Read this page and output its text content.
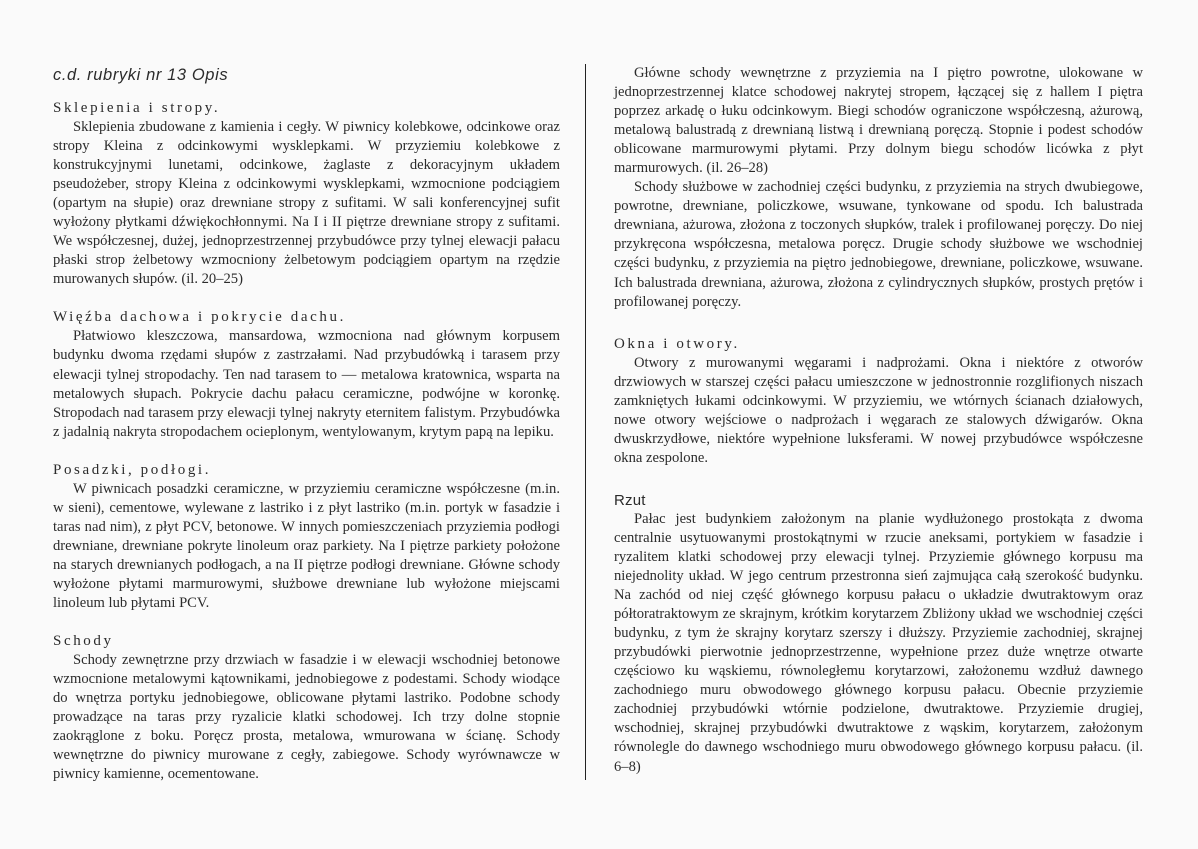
c.d. rubryki nr 13 Opis
Sklepienia i stropy.

Sklepienia zbudowane z kamienia i cegły. W piwnicy kolebkowe, odcinkowe oraz stropy Kleina z odcinkowymi wysklepkami. W przyziemiu kolebkowe z konstrukcyjnymi lunetami, odcinkowe, żaglaste z dekoracyjnym układem pseudożeber, stropy Kleina z odcinkowymi wysklepkami, wzmocnione podciągiem (opartym na słupie) oraz drewniane stropy z sufitami. W sali konferencyjnej sufit wyłożony płytkami dźwiękochłonnymi. Na I i II piętrze drewniane stropy z sufitami. We współczesnej, dużej, jednoprzestrzennej przybudówce przy tylnej elewacji pałacu płaski strop żelbetowy wzmocniony żelbetowym podciągiem opartym na rzędzie murowanych słupów. (il. 20–25)

Więźba dachowa i pokrycie dachu.

Płatwiowo kleszczowa, mansardowa, wzmocniona nad głównym korpusem budynku dwoma rzędami słupów z zastrzałami. Nad przybudówką i tarasem przy elewacji tylnej stropodachy. Ten nad tarasem to — metalowa kratownica, wsparta na metalowych słupach. Pokrycie dachu pałacu ceramiczne, podwójne w koronkę. Stropodach nad tarasem przy elewacji tylnej nakryty eternitem falistym. Przybudówka z jadalnią nakryta stropodachem ocieplonym, wentylowanym, krytym papą na lepiku.

Posadzki, podłogi.

W piwnicach posadzki ceramiczne, w przyziemiu ceramiczne współczesne (m.in. w sieni), cementowe, wylewane z lastriko i z płyt lastriko (m.in. portyk w fasadzie i taras nad nim), z płyt PCV, betonowe. W innych pomieszczeniach przyziemia podłogi drewniane, drewniane pokryte linoleum oraz parkiety. Na I piętrze parkiety położone na starych drewnianych podłogach, a na II piętrze podłogi drewniane. Główne schody wyłożone płytami marmurowymi, służbowe drewniane lub wyłożone miejscami linoleum lub płytami PCV.

Schody

Schody zewnętrzne przy drzwiach w fasadzie i w elewacji wschodniej betonowe wzmocnione metalowymi kątownikami, jednobiegowe z podestami. Schody wiodące do wnętrza portyku jednobiegowe, oblicowane płytami lastriko. Podobne schody prowadzące na taras przy ryzalicie klatki schodowej. Ich trzy dolne stopnie zaokrąglone z boku. Poręcz prosta, metalowa, wmurowana w ścianę. Schody wewnętrzne do piwnicy murowane z cegły, zabiegowe. Schody wyrównawcze w piwnicy kamienne, ocementowane.

Główne schody wewnętrzne z przyziemia na I piętro powrotne, ulokowane w jednoprzestrzennej klatce schodowej nakrytej stropem, łączącej się z hallem I piętra poprzez arkadę o łuku odcinkowym. Biegi schodów ograniczone współczesną, ażurową, metalową balustradą z drewnianą listwą i drewnianą poręczą. Stopnie i podest schodów oblicowane marmurowymi płytami. Przy dolnym biegu schodów licówka z płyt marmurowych. (il. 26–28)

Schody służbowe w zachodniej części budynku, z przyziemia na strych dwubiegowe, powrotne, drewniane, policzkowe, wsuwane, tynkowane od spodu. Ich balustrada drewniana, ażurowa, złożona z toczonych słupków, tralek i profilowanej poręczy. Do niej przykręcona współczesna, metalowa poręcz. Drugie schody służbowe we wschodniej części budynku, z przyziemia na piętro jednobiegowe, drewniane, policzkowe, wsuwane. Ich balustrada drewniana, ażurowa, złożona z cylindrycznych słupków, prostych prętów i profilowanej poręczy.

Okna i otwory.

Otwory z murowanymi węgarami i nadprożami. Okna i niektóre z otworów drzwiowych w starszej części pałacu umieszczone w jednostronnie rozglifionych niszach zamkniętych łukami odcinkowymi. W przyziemiu, we wtórnych ścianach działowych, nowe otwory wejściowe o nadprożach i węgarach ze stalowych dźwigarów. Okna dwuskrzydłowe, niektóre wypełnione luksferami. W nowej przybudówce współczesne okna zespolone.

Rzut

Pałac jest budynkiem założonym na planie wydłużonego prostokąta z dwoma centralnie usytuowanymi prostokątnymi w rzucie aneksami, portykiem w fasadzie i ryzalitem klatki schodowej przy elewacji tylnej. Przyziemie głównego korpusu ma niejednolity układ. W jego centrum przestronna sień zajmująca całą szerokość budynku. Na zachód od niej część głównego korpusu pałacu o układzie dwutraktowym oraz półtoratraktowym ze skrajnym, krótkim korytarzem Zbliżony układ we wschodniej części budynku, z tym że skrajny korytarz szerszy i dłuższy. Przyziemie zachodniej, skrajnej przybudówki pierwotnie jednoprzestrzenne, wypełnione przez duże wnętrze otwarte częściowo ku wąskiemu, równoległemu korytarzowi, założonemu wzdłuż dawnego zachodniego muru obwodowego głównego korpusu pałacu. Obecnie przyziemie zachodniej przybudówki wtórnie podzielone, dwutraktowe. Przyziemie drugiej, wschodniej, skrajnej przybudówki dwutraktowe z wąskim, korytarzem, założonym równolegle do dawnego wschodniego muru obwodowego głównego korpusu pałacu. (il. 6–8)
